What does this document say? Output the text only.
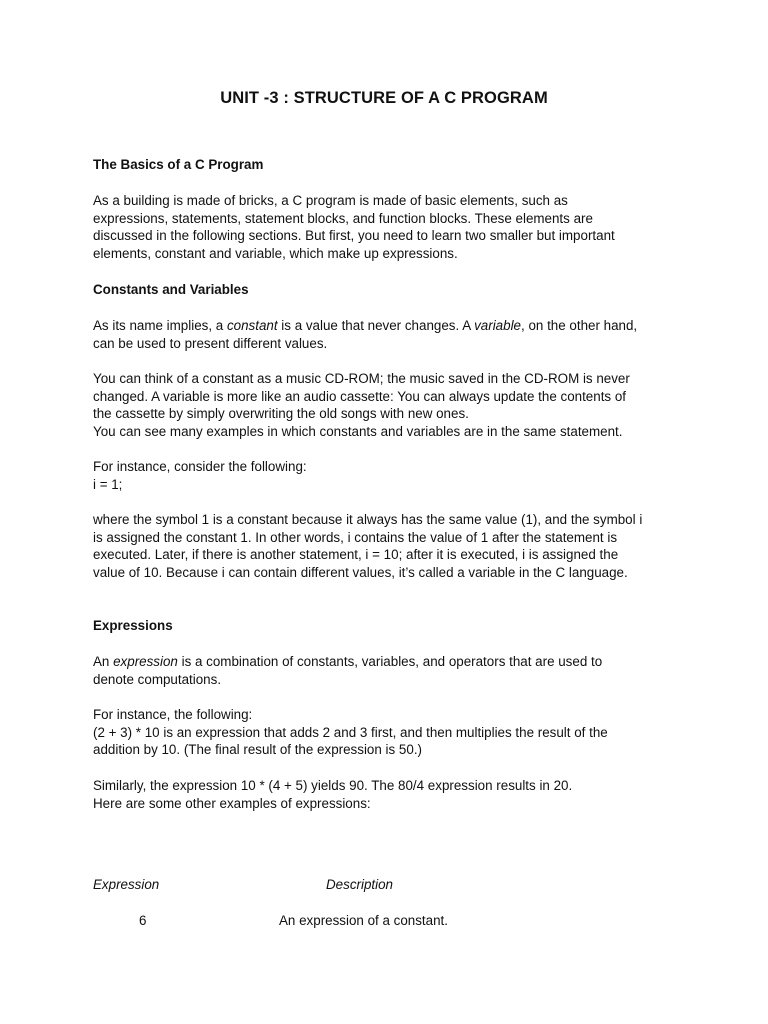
UNIT -3 : STRUCTURE OF A C PROGRAM
The Basics of a C Program
As a building is made of bricks, a C program is made of basic elements, such as
expressions, statements, statement blocks, and function blocks. These elements are
discussed in the following sections. But first, you need to learn two smaller but important
elements, constant and variable, which make up expressions.
Constants and Variables
As its name implies, a constant is a value that never changes. A variable, on the other hand,
can be used to present different values.
You can think of a constant as a music CD-ROM; the music saved in the CD-ROM is never
changed. A variable is more like an audio cassette: You can always update the contents of
the cassette by simply overwriting the old songs with new ones.
You can see many examples in which constants and variables are in the same statement.
For instance, consider the following:
i = 1;
where the symbol 1 is a constant because it always has the same value (1), and the symbol i
is assigned the constant 1. In other words, i contains the value of 1 after the statement is
executed. Later, if there is another statement, i = 10; after it is executed, i is assigned the
value of 10. Because i can contain different values, it’s called a variable in the C language.
Expressions
An expression is a combination of constants, variables, and operators that are used to
denote computations.
For instance, the following:
(2 + 3) * 10 is an expression that adds 2 and 3 first, and then multiplies the result of the
addition by 10. (The final result of the expression is 50.)
Similarly, the expression 10 * (4 + 5) yields 90. The 80/4 expression results in 20.
Here are some other examples of expressions:
Expression	Description
6	An expression of a constant.
